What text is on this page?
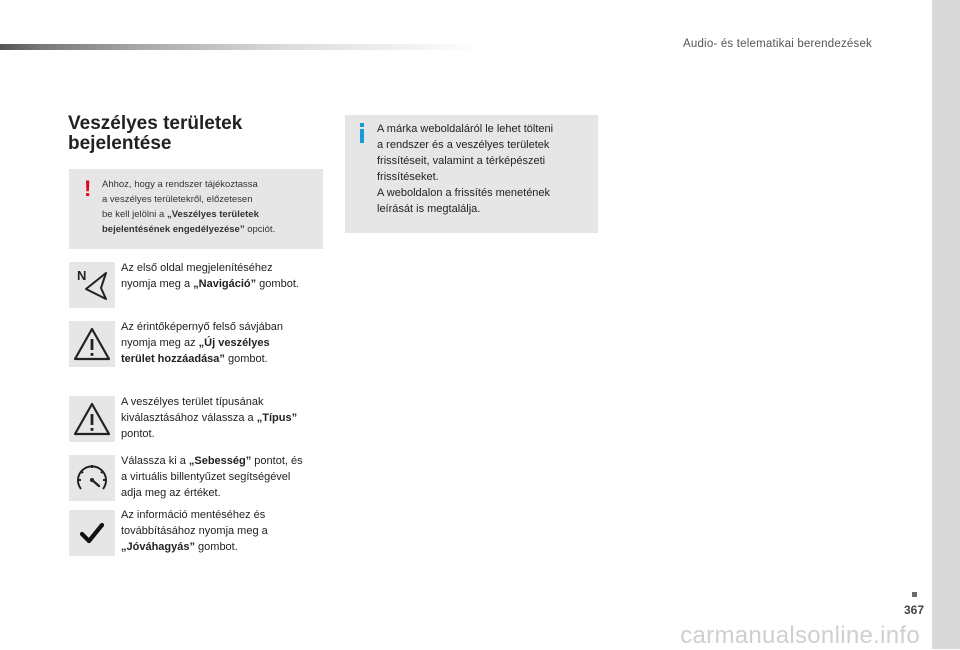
Audio- és telematikai berendezések
Veszélyes területek
bejelentése
! Ahhoz, hogy a rendszer tájékoztassa
a veszélyes területekről, előzetesen
be kell jelölni a „Veszélyes területek
bejelentésének engedélyezése” opciót.
A márka weboldaláról le lehet tölteni
a rendszer és a veszélyes területek
frissítéseit, valamint a térképészeti
frissítéseket.
A weboldalon a frissítés menetének
leírását is megtalálja.
N	Az első oldal megjelenítéséhez
nyomja meg a „Navigáció” gombot.
Az érintőképernyő felső sávjában
nyomja meg az „Új veszélyes
terület hozzáadása” gombot.
A veszélyes terület típusának
kiválasztásához válassza a „Típus”
pontot.
Válassza ki a „Sebesség” pontot, és
a virtuális billentyűzet segítségével
adja meg az értéket.
Az információ mentéséhez és
továbbításához nyomja meg a
„Jóváhagyás” gombot.
367
carmanualsonline.info
